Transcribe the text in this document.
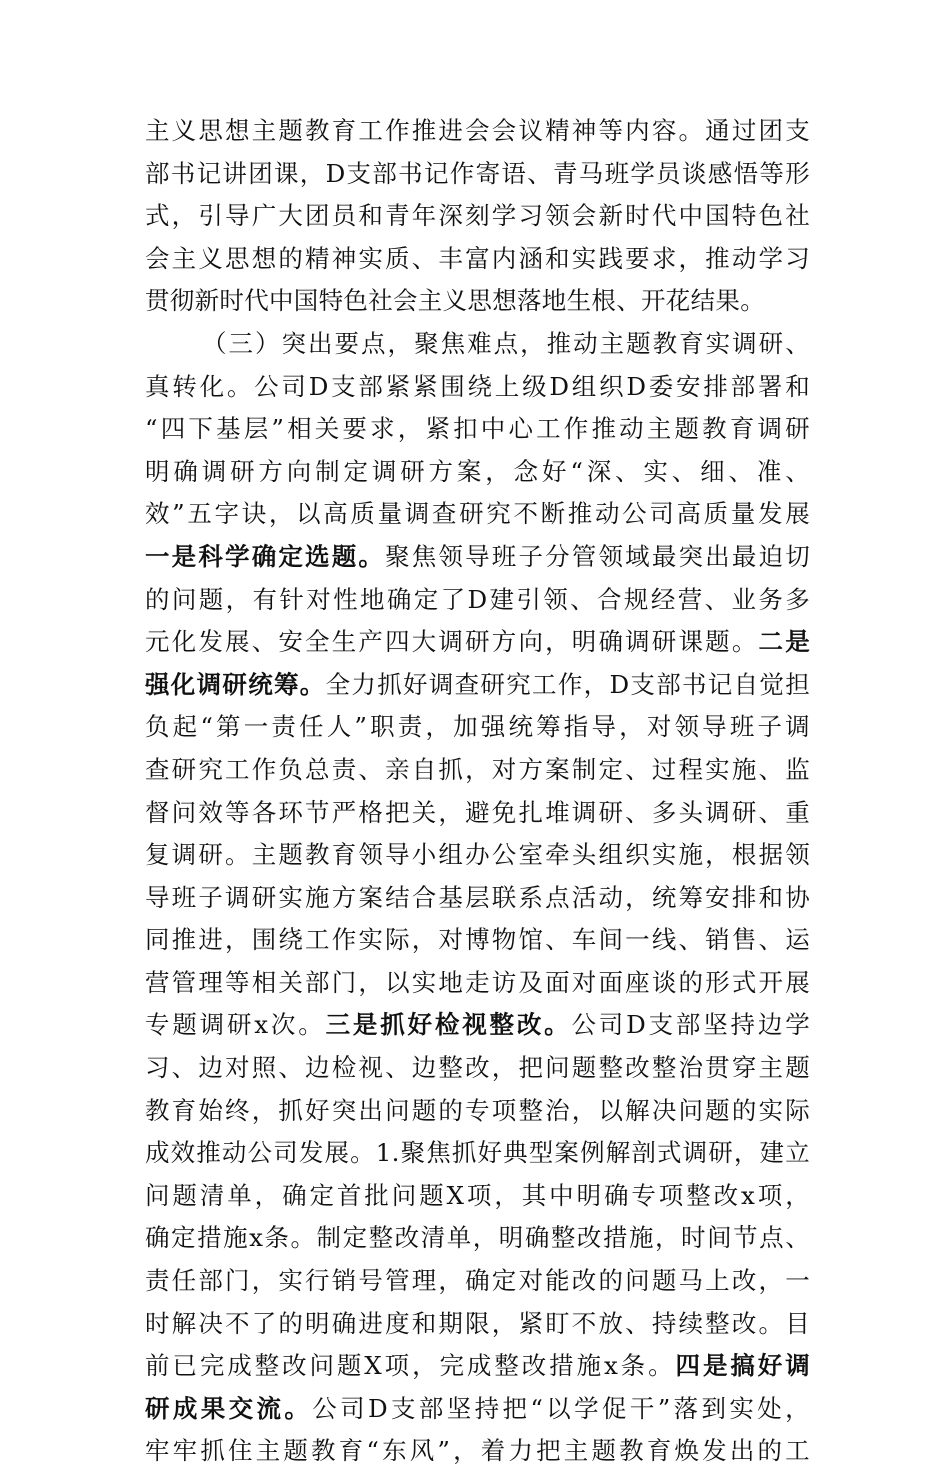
主义思想主题教育工作推进会会议精神等内容。通过团支
部书记讲团课，D支部书记作寄语、青马班学员谈感悟等形
式，引导广大团员和青年深刻学习领会新时代中国特色社
会主义思想的精神实质、丰富内涵和实践要求，推动学习
贯彻新时代中国特色社会主义思想落地生根、开花结果。
（三）突出要点，聚焦难点，推动主题教育实调研、
真转化。公司D支部紧紧围绕上级D组织D委安排部署和
“四下基层”相关要求，紧扣中心工作推动主题教育调研
明确调研方向制定调研方案，念好“深、实、细、准、
效”五字诀，以高质量调查研究不断推动公司高质量发展
一是科学确定选题。聚焦领导班子分管领域最突出最迫切
的问题，有针对性地确定了D建引领、合规经营、业务多
元化发展、安全生产四大调研方向，明确调研课题。二是
强化调研统筹。全力抓好调查研究工作，D支部书记自觉担
负起“第一责任人”职责，加强统筹指导，对领导班子调
查研究工作负总责、亲自抓，对方案制定、过程实施、监
督问效等各环节严格把关，避免扎堆调研、多头调研、重
复调研。主题教育领导小组办公室牵头组织实施，根据领
导班子调研实施方案结合基层联系点活动，统筹安排和协
同推进，围绕工作实际，对博物馆、车间一线、销售、运
营管理等相关部门，以实地走访及面对面座谈的形式开展
专题调研x次。三是抓好检视整改。公司D支部坚持边学
习、边对照、边检视、边整改，把问题整改整治贯穿主题
教育始终，抓好突出问题的专项整治，以解决问题的实际
成效推动公司发展。1.聚焦抓好典型案例解剖式调研，建立
问题清单，确定首批问题X项，其中明确专项整改x项，
确定措施x条。制定整改清单，明确整改措施，时间节点、
责任部门，实行销号管理，确定对能改的问题马上改，一
时解决不了的明确进度和期限，紧盯不放、持续整改。目
前已完成整改问题X项，完成整改措施x条。四是搞好调
研成果交流。公司D支部坚持把“以学促干”落到实处，
牢牢抓住主题教育“东风”，着力把主题教育焕发出的工
